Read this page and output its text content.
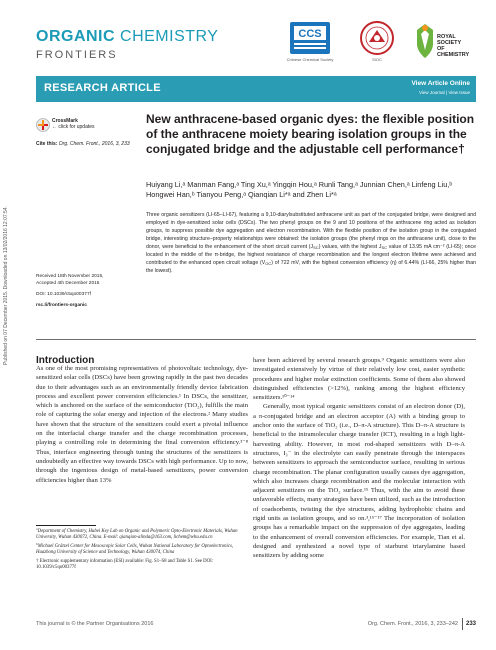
Published on 07 December 2015. Downloaded on 13/02/2016 12:07:54.
ORGANIC CHEMISTRY
FRONTIERS
CCS
Chinese Chemical Society	SIOC
ROYAL SOCIETY
OF CHEMISTRY
RESEARCH ARTICLE	View Article Online
View Journal | View Issue
CrossMark
← click for updates
Cite this: Org. Chem. Front., 2016, 3, 233
New anthracene-based organic dyes: the flexible position of the anthracene moiety bearing isolation groups in the conjugated bridge and the adjustable cell performance†
Huiyang Li,ᵃ Manman Fang,ᵃ Ting Xu,ᵃ Yingqin Hou,ᵃ Runli Tang,ᵃ Junnian Chen,ᵃ Linfeng Liu,ᵇ Hongwei Han,ᵇ Tianyou Peng,ᵃ Qianqian Li*ᵃ and Zhen Li*ᵃ
Three organic sensitizers (LI-65–LI-67), featuring a 9,10-diarylsubstituted anthracene unit as part of the conjugated bridge, were designed and employed in dye-sensitized solar cells (DSCs). The two phenyl groups on the 9 and 10 positions of the anthracene ring acted as isolation groups, to suppress possible dye aggregation and electron recombination. With the flexible position of the isolation group in the conjugated bridge, interesting structure–property relationships were obtained: the isolation groups (the phenyl rings on the anthracene unit), close to the donor, were beneficial to the enhancement of the short circuit current $(J_{SC})$ values, with the highest $J_{SC}$ value of 13.95 mA cm⁻² (LI-65); once located in the middle of the π-bridge, the highest resistance of charge recombination and the longest electron lifetime were achieved and contributed to the enhanced open circuit voltage $(V_{OC})$ of 722 mV, with the highest conversion efficiency (η) of 6.44% (LI-66, 25% higher than the lowest).
Received 18th November 2015,
Accepted 4th December 2015
DOI: 10.1039/c5qo00377f
rsc.li/frontiers-organic
Introduction

As one of the most promising representatives of photovoltaic technology, dye-sensitized solar cells (DSCs) have been growing rapidly in the past two decades due to their advantages such as an environmentally friendly device fabrication process and excellent power conversion efficiencies.¹ In DSCs, the sensitizer, which is anchored on the surface of the semiconductor (TiO₂), fulfills the main role of capturing the solar energy and injection of the electrons.² Many studies have shown that the structure of the sensitizers could exert a pivotal influence on the interfacial charge transfer and the charge recombination processes, playing a controlling role in determining the final conversion efficiency.³⁻⁸ Thus, interface engineering through tuning the structures of the sensitizers is undoubtedly an effective way towards DSCs with high performance. Up to now, through the ingenious design of metal-based sensitizers, power conversion efficiencies higher than 13%

have been achieved by several research groups.⁹ Organic sensitizers were also investigated extensively by virtue of their relatively low cost, easier synthetic procedures and higher molar extinction coefficients. Some of them also showed distinguished efficiencies (>12%), ranking among the highest efficiency sensitizers.¹⁰⁻¹⁴

Generally, most typical organic sensitizers consist of an electron donor (D), a π-conjugated bridge and an electron acceptor (A) with a binding group to anchor onto the surface of TiO₂ (i.e., D–π-A structure). This D–π-A structure is beneficial to the intramolecular charge transfer (ICT), resulting in a high light-harvesting ability. However, in most rod-shaped sensitizers with D–π-A structures, I₃⁻ in the electrolyte can easily penetrate through the interspaces between sensitizers to approach the semiconductor surface, resulting in serious charge recombination. The planar configuration usually causes dye aggregation, which also increases charge recombination and the molecular interaction with adjacent sensitizers on the TiO₂ surface.¹⁵ Thus, with the aim to avoid these unfavorable effects, many strategies have been utilized, such as the introduction of coadsorbents, twisting the dye structures, adding hydrophobic chains and rigid units as isolation groups, and so on.³,¹⁵⁻¹⁷ The incorporation of isolation groups has a remarkable impact on the suppression of dye aggregates, leading to the enhancement of overall conversion efficiencies. For example, Tian et al. designed and synthesized a novel type of starburst triarylamine based sensitizers by adding some

$^a$Department of Chemistry, Hubei Key Lab on Organic and Polymeric Opto-Electronic Materials, Wuhan University, Wuhan 430072, China. E-mail: qianqian-alinda@163.com, lichem@whu.edu.cn

$^b$Michael Grätzel Center for Mesoscopic Solar Cells, Wuhan National Laboratory for Optoelectronics, Huazhong University of Science and Technology, Wuhan 430074, China

† Electronic supplementary information (ESI) available: Fig. S1–S8 and Table S1. See DOI: 10.1039/c5qo00377f

This journal is © the Partner Organisations 2016	Org. Chem. Front., 2016, 3, 233–242	233
